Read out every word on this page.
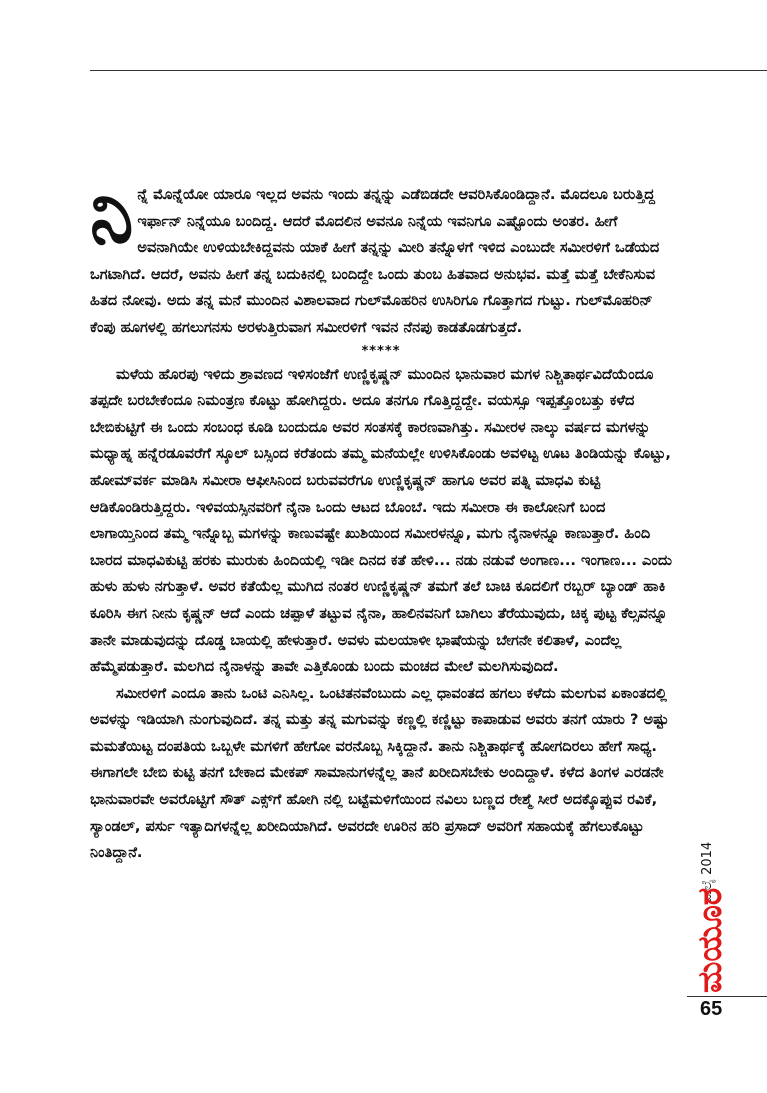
ನಿನ್ನೆ ಮೊನ್ನೆಯೋ ಯಾರೂ ಇಲ್ಲದ ಅವನು ಇಂದು ತನ್ನನ್ನು ಎಡೆಬಿಡದೇ ಆವರಿಸಿಕೊಂಡಿದ್ದಾನೆ. ಮೊದಲೂ ಬರುತ್ತಿದ್ದ ಇರ್ಫಾನ್ ನಿನ್ನೆಯೂ ಬಂದಿದ್ದ. ಆದರೆ ಮೊದಲಿನ ಅವನೂ ನಿನ್ನೆಯ ಇವನಿಗೂ ಎಷ್ಟೊಂದು ಅಂತರ. ಹೀಗೆ ಅವನಾಗಿಯೇ ಉಳಿಯಬೇಕಿದ್ದವನು ಯಾಕೆ ಹೀಗೆ ತನ್ನನ್ನು ಮೀರಿ ತನ್ನೊಳಗೆ ಇಳಿದ ಎಂಬುದೇ ಸಮೀರಳಿಗೆ ಒಡೆಯದ ಒಗಟಾಗಿದೆ. ಆದರೆ, ಅವನು ಹೀಗೆ ತನ್ನ ಬದುಕಿನಲ್ಲಿ ಬಂದಿದ್ದೇ ಒಂದು ತುಂಬ ಹಿತವಾದ ಅನುಭವ. ಮತ್ತೆ ಮತ್ತೆ ಬೇಕೆನಿಸುವ ಹಿತದ ನೋವು. ಅದು ತನ್ನ ಮನೆ ಮುಂದಿನ ವಿಶಾಲವಾದ ಗುಲ್‌ಮೊಹರಿನ ಉಸಿರಿಗೂ ಗೊತ್ತಾಗದ ಗುಟ್ಟು. ಗುಲ್‌ಮೊಹರಿನ್ ಕೆಂಪು ಹೂಗಳಲ್ಲಿ ಹಗಲುಗನಸು ಅರಳುತ್ತಿರುವಾಗ ಸಮೀರಳಿಗೆ ಇವನ ನೆನಪು ಕಾಡತೊಡಗುತ್ತದೆ.

*****

ಮಳೆಯ ಹೊರಪು ಇಳಿದು ಶ್ರಾವಣದ ಇಳಿಸಂಜೆಗೆ ಉಣ್ಣಿಕೃಷ್ಣನ್ ಮುಂದಿನ ಭಾನುವಾರ ಮಗಳ ನಿಶ್ಚಿತಾರ್ಥವಿದೆಯೆಂದೂ ತಪ್ಪದೇ ಬರಬೇಕೆಂದೂ ನಿಮಂತ್ರಣ ಕೊಟ್ಟು ಹೋಗಿದ್ದರು. ಅದೂ ತನಗೂ ಗೊತ್ತಿದ್ದದ್ದೇ. ವಯಸ್ಸೂ ಇಪ್ಪತ್ತೊಂಬತ್ತು ಕಳೆದ ಬೇಬಿಕುಟ್ಟಿಗೆ ಈ ಒಂದು ಸಂಬಂಧ ಕೂಡಿ ಬಂದುದೂ ಅವರ ಸಂತಸಕ್ಕೆ ಕಾರಣವಾಗಿತ್ತು. ಸಮೀರಳ ನಾಲ್ಕು ವರ್ಷದ ಮಗಳನ್ನು ಮಧ್ಯಾಹ್ನ ಹನ್ನೆರಡೂವರೆಗೆ ಸ್ಕೂಲ್ ಬಸ್ಸಿಂದ ಕರೆತಂದು ತಮ್ಮ ಮನೆಯಲ್ಲೇ ಉಳಿಸಿಕೊಂಡು ಅವಳಿಟ್ಟ ಊಟ ತಿಂಡಿಯನ್ನು ಕೊಟ್ಟು, ಹೋಮ್‌ವರ್ಕ ಮಾಡಿಸಿ ಸಮೀರಾ ಆಫೀಸಿನಿಂದ ಬರುವವರೆಗೂ ಉಣ್ಣಿಕೃಷ್ಣನ್ ಹಾಗೂ ಅವರ ಪತ್ನಿ ಮಾಧವಿ ಕುಟ್ಟಿ ಆಡಿಕೊಂಡಿರುತ್ತಿದ್ದರು. ಇಳಿವಯಸ್ಸಿನವರಿಗೆ ನೈನಾ ಒಂದು ಆಟದ ಬೊಂಬೆ. ಇದು ಸಮೀರಾ ಈ ಕಾಲೋನಿಗೆ ಬಂದ ಲಾಗಾಯ್ತಿನಿಂದ ತಮ್ಮ ಇನ್ನೊಬ್ಬ ಮಗಳನ್ನು ಕಾಣುವಷ್ಟೇ ಖುಶಿಯಿಂದ ಸಮೀರಳನ್ನೂ, ಮಗು ನೈನಾಳನ್ನೂ ಕಾಣುತ್ತಾರೆ. ಹಿಂದಿ ಬಾರದ ಮಾಧವಿಕುಟ್ಟಿ ಹರಕು ಮುರುಕು ಹಿಂದಿಯಲ್ಲಿ ಇಡೀ ದಿನದ ಕತೆ ಹೇಳಿ... ನಡು ನಡುವೆ ಅಂಗಾಣ... ಇಂಗಾಣ... ಎಂದು ಹುಳು ಹುಳು ನಗುತ್ತಾಳೆ. ಅವರ ಕತೆಯೆಲ್ಲ ಮುಗಿದ ನಂತರ ಉಣ್ಣಿಕೃಷ್ಣನ್ ತಮಗೆ ತಲೆ ಬಾಚಿ ಕೂದಲಿಗೆ ರಬ್ಬರ್ ಬ್ಯಾಂಡ್ ಹಾಕಿ ಕೂರಿಸಿ ಈಗ ನೀನು ಕೃಷ್ಣನ್ ಆದೆ ಎಂದು ಚಪ್ಪಾಳೆ ತಟ್ಟುವ ನೈನಾ, ಹಾಲಿನವನಿಗೆ ಬಾಗಿಲು ತೆರೆಯುವುದು, ಚಿಕ್ಕ ಪುಟ್ಟ ಕೆಲ್ಸವನ್ನೂ ತಾನೇ ಮಾಡುವುದನ್ನು ದೊಡ್ಡ ಬಾಯಲ್ಲಿ ಹೇಳುತ್ತಾರೆ. ಅವಳು ಮಲಯಾಳೀ ಭಾಷೆಯನ್ನು ಬೇಗನೇ ಕಲಿತಾಳೆ, ಎಂದೆಲ್ಲ ಹೆಮ್ಮೆಪಡುತ್ತಾರೆ. ಮಲಗಿದ ನೈನಾಳನ್ನು ತಾವೇ ಎತ್ತಿಕೊಂಡು ಬಂದು ಮಂಚದ ಮೇಲೆ ಮಲಗಿಸುವುದಿದೆ.

ಸಮೀರಳಿಗೆ ಎಂದೂ ತಾನು ಒಂಟಿ ಎನಿಸಿಲ್ಲ. ಒಂಟಿತನವೆಂಬುದು ಎಲ್ಲ ಧಾವಂತದ ಹಗಲು ಕಳೆದು ಮಲಗುವ ಏಕಾಂತದಲ್ಲಿ ಅವಳನ್ನು ಇಡಿಯಾಗಿ ನುಂಗುವುದಿದೆ. ತನ್ನ ಮತ್ತು ತನ್ನ ಮಗುವನ್ನು ಕಣ್ಣಲ್ಲಿ ಕಣ್ಣಿಟ್ಟು ಕಾಪಾಡುವ ಅವರು ತನಗೆ ಯಾರು ? ಅಷ್ಟು ಮಮತೆಯಿಟ್ಟ ದಂಪತಿಯ ಒಬ್ಬಳೇ ಮಗಳಿಗೆ ಹೇಗೋ ವರನೊಬ್ಬ ಸಿಕ್ಕಿದ್ದಾನೆ. ತಾನು ನಿಶ್ಚಿತಾರ್ಥಕ್ಕೆ ಹೋಗದಿರಲು ಹೇಗೆ ಸಾಧ್ಯ. ಈಗಾಗಲೇ ಬೇಬಿ ಕುಟ್ಟಿ ತನಗೆ ಬೇಕಾದ ಮೇಕಪ್ ಸಾಮಾನುಗಳನ್ನೆಲ್ಲ ತಾನೆ ಖರೀದಿಸಬೇಕು ಅಂದಿದ್ದಾಳೆ. ಕಳೆದ ತಿಂಗಳ ಎರಡನೇ ಭಾನುವಾರವೇ ಅವರೊಟ್ಟಿಗೆ ಸೌತ್ ಎಕ್ಸ್‌ಗೆ ಹೋಗಿ ನಲ್ಲಿ ಬಟ್ಟೆಮಳಿಗೆಯಿಂದ ನವಿಲು ಬಣ್ಣದ ರೇಶ್ಮೆ ಸೀರೆ ಅದಕ್ಕೊಪ್ಪುವ ರವಿಕೆ, ಸ್ಯಾಂಡಲ್, ಪರ್ಸು ಇತ್ಯಾದಿಗಳನ್ನೆಲ್ಲ ಖರೀದಿಯಾಗಿದೆ. ಅವರದೇ ಊರಿನ ಹರಿ ಪ್ರಸಾದ್ ಅವರಿಗೆ ಸಹಾಯಕ್ಕೆ ಹೆಗಲುಕೊಟ್ಟು ನಿಂತಿದ್ದಾನೆ.	ಜುಲೈ 2014
ಮಯೂರ
65
